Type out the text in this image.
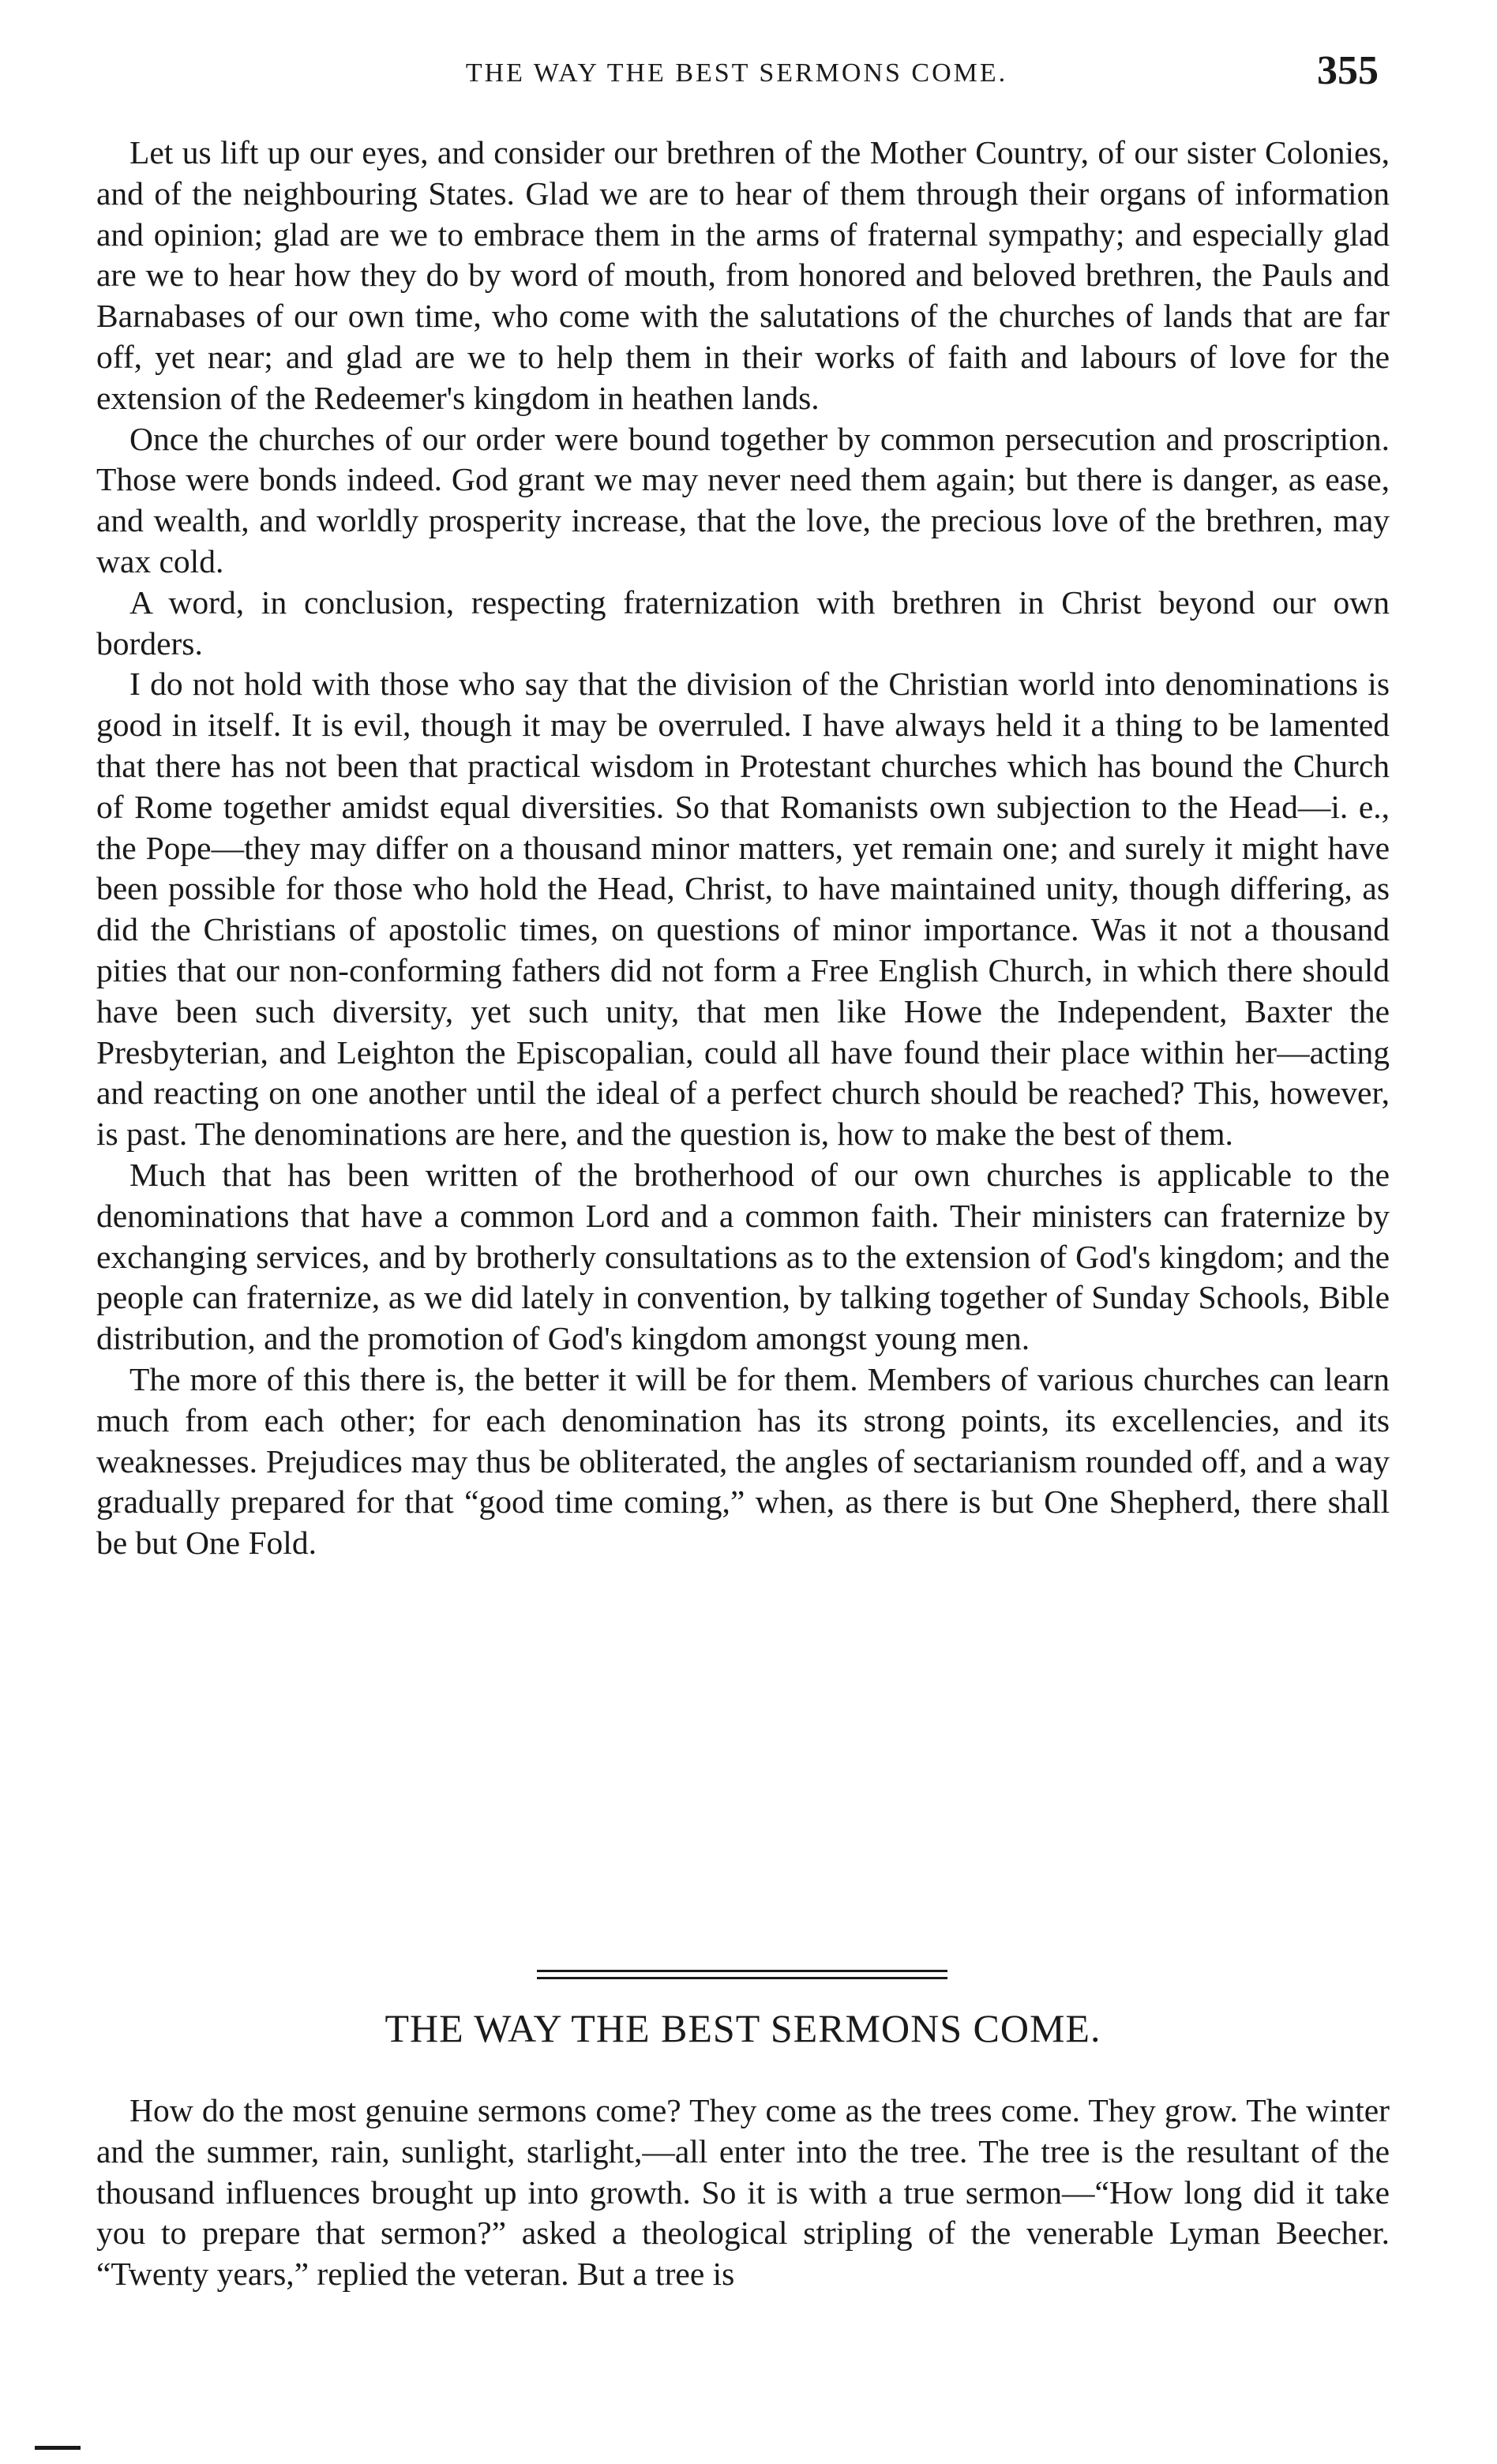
THE WAY THE BEST SERMONS COME.	355

Let us lift up our eyes, and consider our brethren of the Mother Country, of our sister Colonies, and of the neighbouring States. Glad we are to hear of them through their organs of information and opinion; glad are we to embrace them in the arms of fraternal sympathy; and especially glad are we to hear how they do by word of mouth, from honored and beloved brethren, the Pauls and Barnabases of our own time, who come with the salutations of the churches of lands that are far off, yet near; and glad are we to help them in their works of faith and labours of love for the extension of the Redeemer's kingdom in heathen lands.

Once the churches of our order were bound together by common persecution and proscription. Those were bonds indeed. God grant we may never need them again; but there is danger, as ease, and wealth, and worldly prosperity increase, that the love, the precious love of the brethren, may wax cold.

A word, in conclusion, respecting fraternization with brethren in Christ beyond our own borders.

I do not hold with those who say that the division of the Christian world into denominations is good in itself. It is evil, though it may be overruled. I have always held it a thing to be lamented that there has not been that practical wisdom in Protestant churches which has bound the Church of Rome together amidst equal diversities. So that Romanists own subjection to the Head—i. e., the Pope—they may differ on a thousand minor matters, yet remain one; and surely it might have been possible for those who hold the Head, Christ, to have maintained unity, though differing, as did the Christians of apostolic times, on questions of minor importance. Was it not a thousand pities that our non-conforming fathers did not form a Free English Church, in which there should have been such diversity, yet such unity, that men like Howe the Independent, Baxter the Presbyterian, and Leighton the Episcopalian, could all have found their place within her—acting and reacting on one another until the ideal of a perfect church should be reached? This, however, is past. The denominations are here, and the question is, how to make the best of them.

Much that has been written of the brotherhood of our own churches is applicable to the denominations that have a common Lord and a common faith. Their ministers can fraternize by exchanging services, and by brotherly consultations as to the extension of God's kingdom; and the people can fraternize, as we did lately in convention, by talking together of Sunday Schools, Bible distribution, and the promotion of God's kingdom amongst young men.

The more of this there is, the better it will be for them. Members of various churches can learn much from each other; for each denomination has its strong points, its excellencies, and its weaknesses. Prejudices may thus be obliterated, the angles of sectarianism rounded off, and a way gradually prepared for that “good time coming,” when, as there is but One Shepherd, there shall be but One Fold.

THE WAY THE BEST SERMONS COME.

How do the most genuine sermons come? They come as the trees come. They grow. The winter and the summer, rain, sunlight, starlight,—all enter into the tree. The tree is the resultant of the thousand influences brought up into growth. So it is with a true sermon—“How long did it take you to prepare that sermon?” asked a theological stripling of the venerable Lyman Beecher. “Twenty years,” replied the veteran. But a tree is
